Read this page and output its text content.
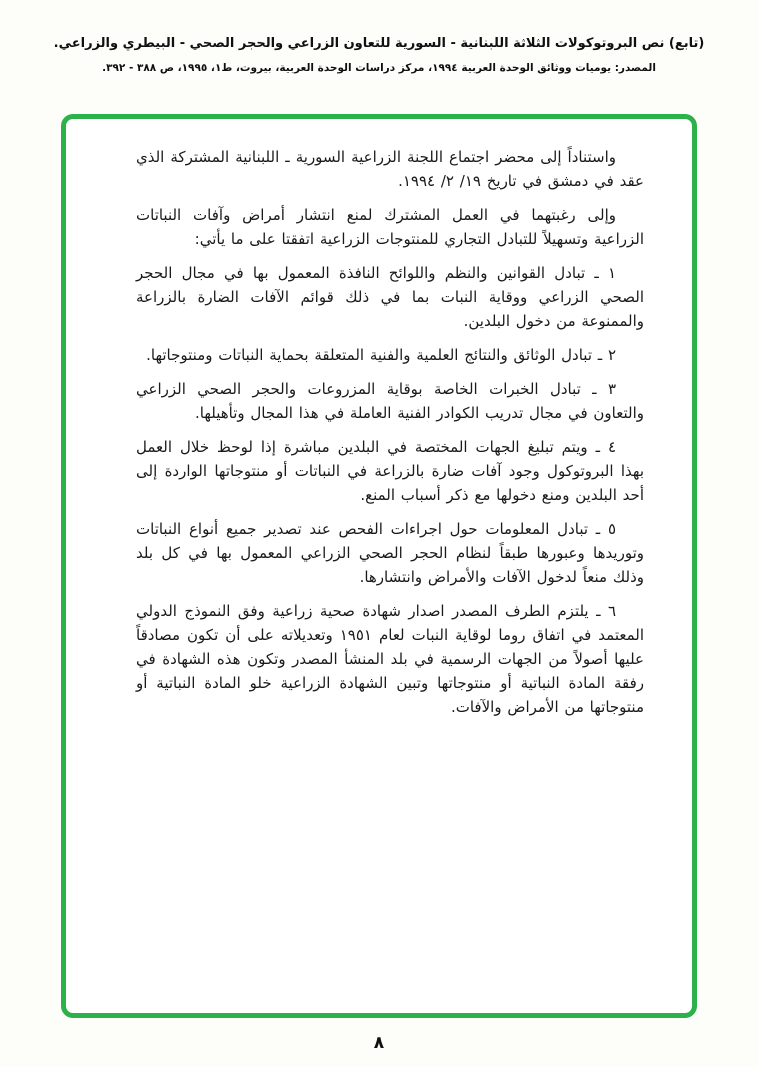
(تابع) نص البروتوكولات الثلاثة اللبنانية - السورية للتعاون الزراعي والحجر الصحي - البيطري والزراعي.
المصدر: يوميات ووثائق الوحدة العربية ١٩٩٤، مركز دراسات الوحدة العربية، بيروت، ط١، ١٩٩٥، ص ٣٨٨ - ٣٩٢.

واستناداً إلى محضر اجتماع اللجنة الزراعية السورية ـ اللبنانية المشتركة الذي عقد في دمشق في تاريخ ١٩/ ٢/ ١٩٩٤.

وإلى رغبتهما في العمل المشترك لمنع انتشار أمراض وآفات النباتات الزراعية وتسهيلاً للتبادل التجاري للمنتوجات الزراعية اتفقتا على ما يأتي:

١ ـ تبادل القوانين والنظم واللوائح النافذة المعمول بها في مجال الحجر الصحي الزراعي ووقاية النبات بما في ذلك قوائم الآفات الضارة بالزراعة والممنوعة من دخول البلدين.

٢ ـ تبادل الوثائق والنتائج العلمية والفنية المتعلقة بحماية النباتات ومنتوجاتها.

٣ ـ تبادل الخبرات الخاصة بوقاية المزروعات والحجر الصحي الزراعي والتعاون في مجال تدريب الكوادر الفنية العاملة في هذا المجال وتأهيلها.

٤ ـ ويتم تبليغ الجهات المختصة في البلدين مباشرة إذا لوحظ خلال العمل بهذا البروتوكول وجود آفات ضارة بالزراعة في النباتات أو منتوجاتها الواردة إلى أحد البلدين ومنع دخولها مع ذكر أسباب المنع.

٥ ـ تبادل المعلومات حول اجراءات الفحص عند تصدير جميع أنواع النباتات وتوريدها وعبورها طبقاً لنظام الحجر الصحي الزراعي المعمول بها في كل بلد وذلك منعاً لدخول الآفات والأمراض وانتشارها.

٦ ـ يلتزم الطرف المصدر اصدار شهادة صحية زراعية وفق النموذج الدولي المعتمد في اتفاق روما لوقاية النبات لعام ١٩٥١ وتعديلاته على أن تكون مصادقاً عليها أصولاً من الجهات الرسمية في بلد المنشأ المصدر وتكون هذه الشهادة في رفقة المادة النباتية أو منتوجاتها وتبين الشهادة الزراعية خلو المادة النباتية أو منتوجاتها من الأمراض والآفات.

٨
